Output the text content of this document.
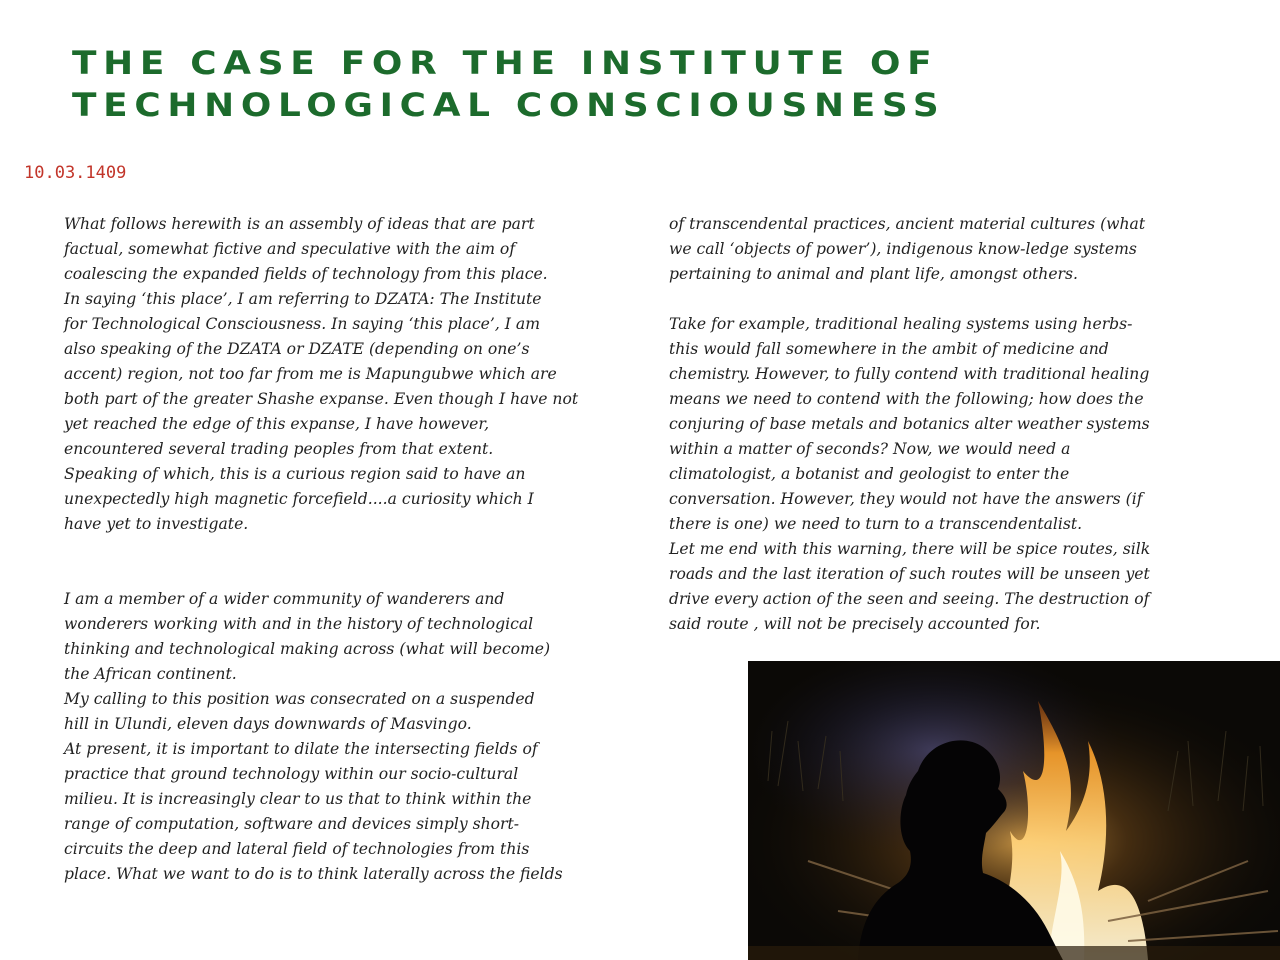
THE CASE FOR THE INSTITUTE OF
TECHNOLOGICAL CONSCIOUSNESS
10.03.1409
What follows herewith is an assembly of ideas that are part
factual, somewhat fictive and speculative with the aim of
coalescing the expanded fields of technology from this place.
In saying ‘this place’, I am referring to DZATA: The Institute
for Technological Consciousness. In saying ‘this place’, I am
also speaking of the DZATA or DZATE (depending on one’s
accent) region, not too far from me is Mapungubwe which are
both part of the greater Shashe expanse. Even though I have not
yet reached the edge of this expanse, I have however,
encountered several trading peoples from that extent.
Speaking of which, this is a curious region said to have an
unexpectedly high magnetic forcefield....a curiosity which I
have yet to investigate.
I am a member of a wider community of wanderers and
wonderers working with and in the history of technological
thinking and technological making across (what will become)
the African continent.
My calling to this position was consecrated on a suspended
hill in Ulundi, eleven days downwards of Masvingo.
At present, it is important to dilate the intersecting fields of
practice that ground technology within our socio-cultural
milieu. It is increasingly clear to us that to think within the
range of computation, software and devices simply short-
circuits the deep and lateral field of technologies from this
place. What we want to do is to think laterally across the fields
of transcendental practices, ancient material cultures (what
we call ‘objects of power’), indigenous know-ledge systems
pertaining to animal and plant life, amongst others.
Take for example, traditional healing systems using herbs-
this would fall somewhere in the ambit of medicine and
chemistry. However, to fully contend with traditional healing
means we need to contend with the following; how does the
conjuring of base metals and botanics alter weather systems
within a matter of seconds? Now, we would need a
climatologist, a botanist and geologist to enter the
conversation. However, they would not have the answers (if
there is one) we need to turn to a transcendentalist.
Let me end with this warning, there will be spice routes, silk
roads and the last iteration of such routes will be unseen yet
drive every action of the seen and seeing. The destruction of
said route , will not be precisely accounted for.
